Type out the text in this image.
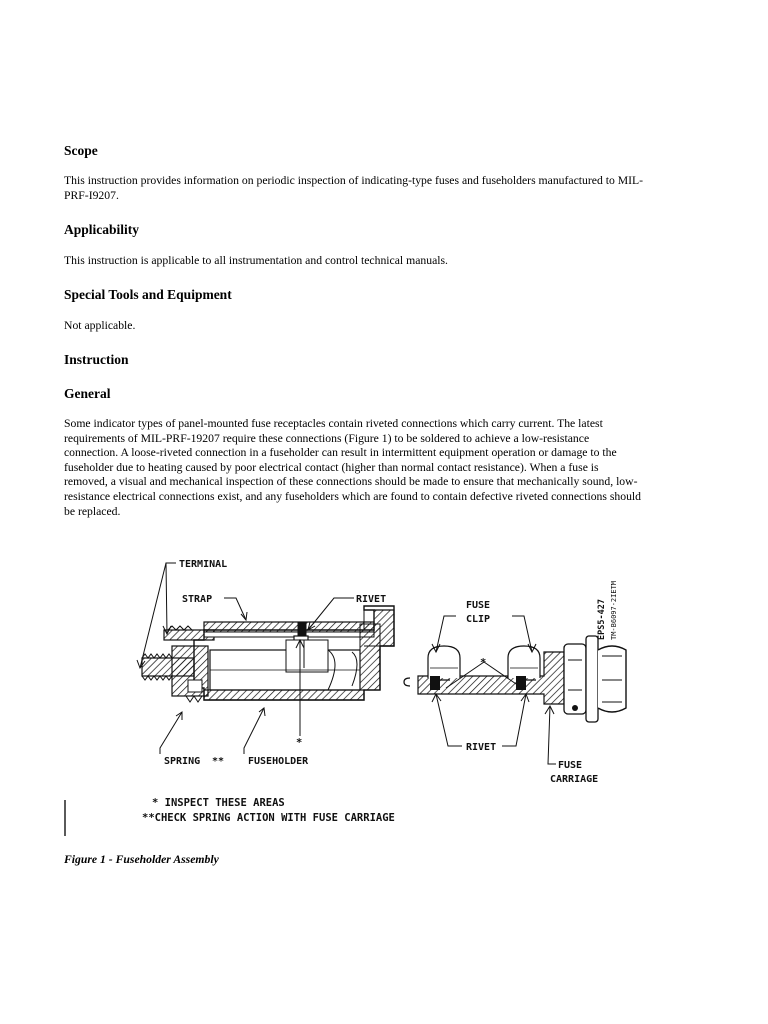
Scope

This instruction provides information on periodic inspection of indicating-type fuses and fuseholders manufactured to MIL-PRF-I9207.

Applicability

This instruction is applicable to all instrumentation and control technical manuals.

Special Tools and Equipment

Not applicable.

Instruction
General

Some indicator types of panel-mounted fuse receptacles contain riveted connections which carry current. The latest requirements of MIL-PRF-19207 require these connections (Figure 1) to be soldered to achieve a low-resistance connection. A loose-riveted connection in a fuseholder can result in intermittent equipment operation or damage to the fuseholder due to heating caused by poor electrical contact (higher than normal contact resistance). When a fuse is removed, a visual and mechanical inspection of these connections should be made to ensure that mechanically sound, low-resistance electrical connections exist, and any fuseholders which are found to contain defective riveted connections should be replaced.

TERMINAL
STRAP	RIVET
*
SPRING ** FUSEHOLDER
FUSE
CLIP
*
RIVET
FUSE
CARRIAGE
EPS5-427 TM-B6097-2IETM
* INSPECT THESE AREAS
**CHECK SPRING ACTION WITH FUSE CARRIAGE
Figure 1 - Fuseholder Assembly
